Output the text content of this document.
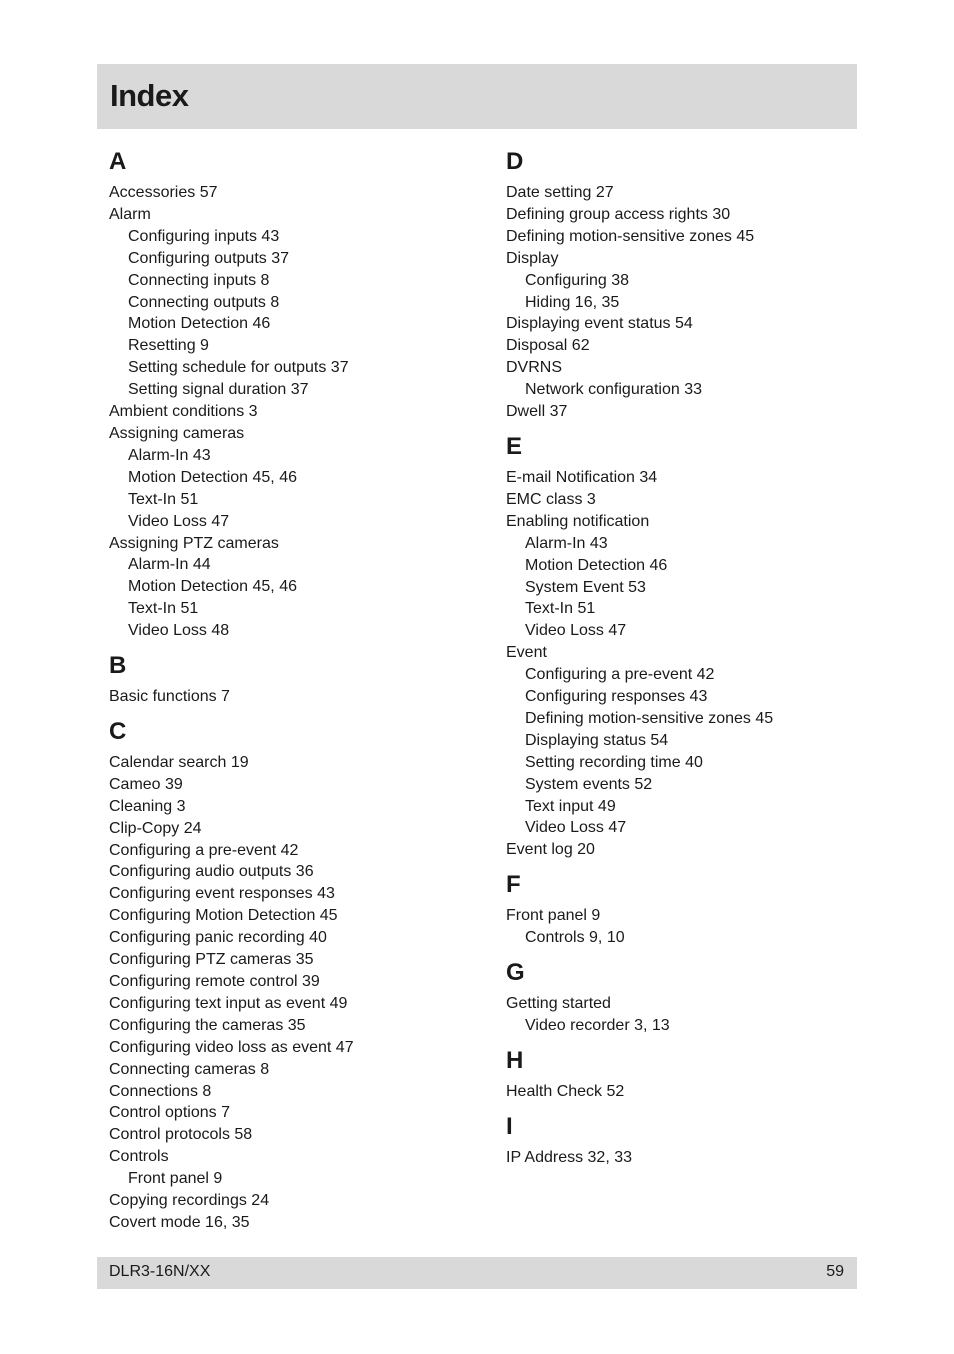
Index
A
Accessories 57
Alarm
Configuring inputs 43
Configuring outputs 37
Connecting inputs 8
Connecting outputs 8
Motion Detection 46
Resetting 9
Setting schedule for outputs 37
Setting signal duration 37
Ambient conditions 3
Assigning cameras
Alarm-In 43
Motion Detection 45, 46
Text-In 51
Video Loss 47
Assigning PTZ cameras
Alarm-In 44
Motion Detection 45, 46
Text-In 51
Video Loss 48
B
Basic functions 7
C
Calendar search 19
Cameo 39
Cleaning 3
Clip-Copy 24
Configuring a pre-event 42
Configuring audio outputs 36
Configuring event responses 43
Configuring Motion Detection 45
Configuring panic recording 40
Configuring PTZ cameras 35
Configuring remote control 39
Configuring text input as event 49
Configuring the cameras 35
Configuring video loss as event 47
Connecting cameras 8
Connections 8
Control options 7
Control protocols 58
Controls
Front panel 9
Copying recordings 24
Covert mode 16, 35
D
Date setting 27
Defining group access rights 30
Defining motion-sensitive zones 45
Display
Configuring 38
Hiding 16, 35
Displaying event status 54
Disposal 62
DVRNS
Network configuration 33
Dwell 37
E
E-mail Notification 34
EMC class 3
Enabling notification
Alarm-In 43
Motion Detection 46
System Event 53
Text-In 51
Video Loss 47
Event
Configuring a pre-event 42
Configuring responses 43
Defining motion-sensitive zones 45
Displaying status 54
Setting recording time 40
System events 52
Text input 49
Video Loss 47
Event log 20
F
Front panel 9
Controls 9, 10
G
Getting started
Video recorder 3, 13
H
Health Check 52
I
IP Address 32, 33
DLR3-16N/XX	59
